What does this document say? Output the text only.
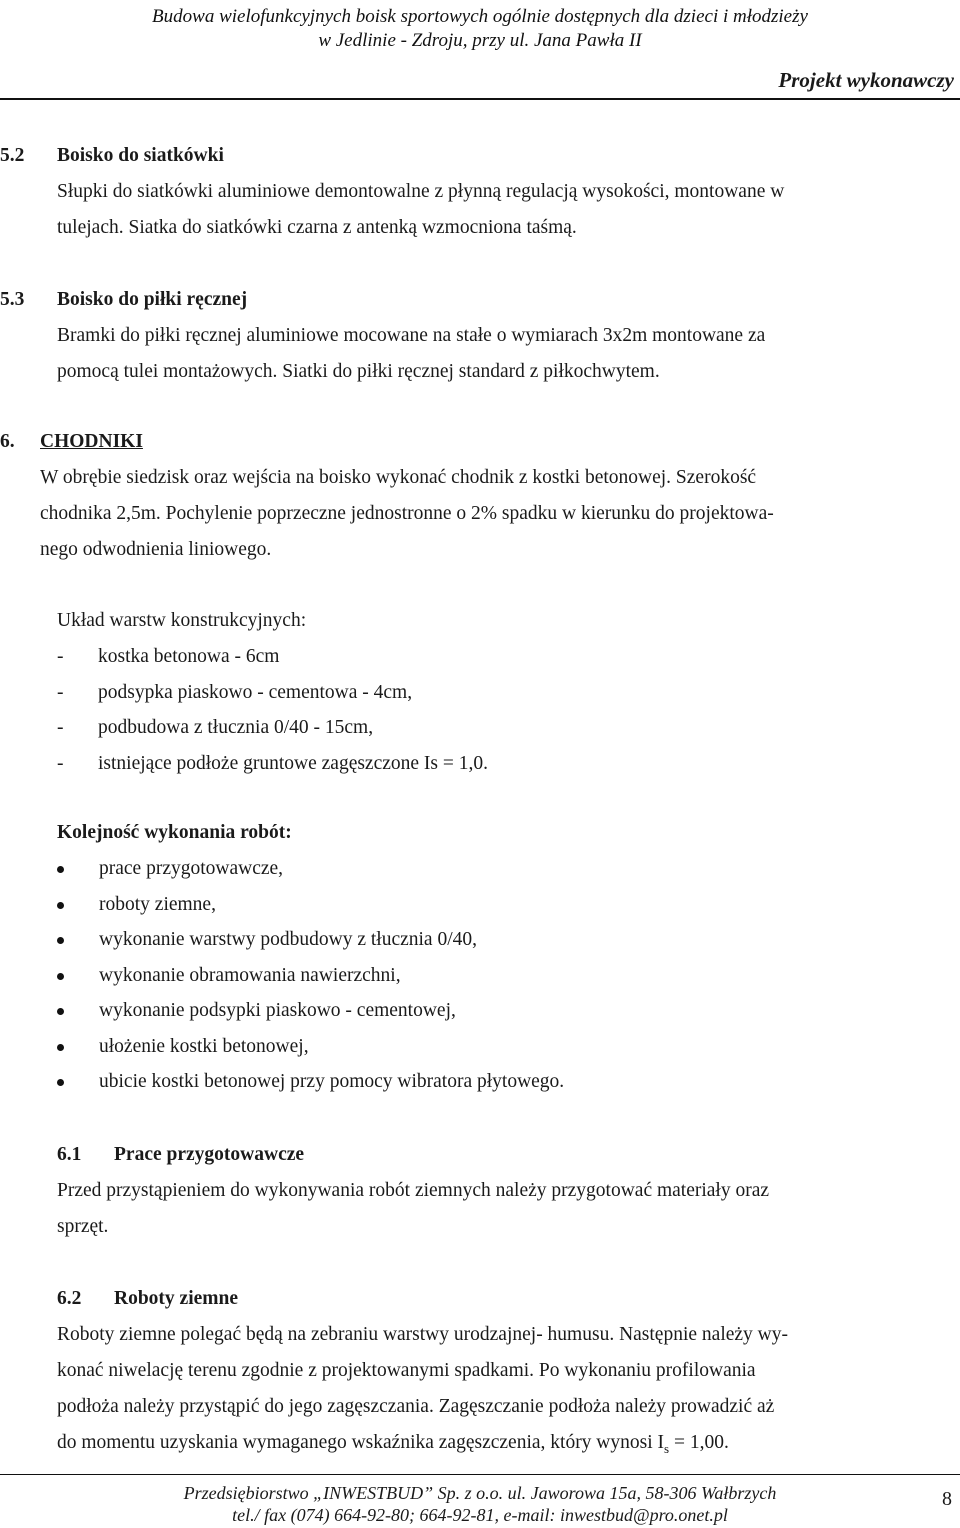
Budowa wielofunkcyjnych boisk sportowych ogólnie dostępnych dla dzieci i młodzieży
w Jedlinie - Zdroju, przy ul. Jana Pawła II
Projekt wykonawczy
5.2 Boisko do siatkówki
Słupki do siatkówki aluminiowe demontowalne z płynną regulacją wysokości, montowane w
tulejach. Siatka do siatkówki czarna z antenką wzmocniona taśmą.
5.3 Boisko do piłki ręcznej
Bramki do piłki ręcznej aluminiowe mocowane na stałe o wymiarach 3x2m montowane za
pomocą tulei montażowych. Siatki do piłki ręcznej standard z piłkochwytem.
6. CHODNIKI
W obrębie siedzisk oraz wejścia na boisko wykonać chodnik z kostki betonowej. Szerokość
chodnika 2,5m. Pochylenie poprzeczne jednostronne o 2% spadku w kierunku do projektowa-
nego odwodnienia liniowego.
Układ warstw konstrukcyjnych:
- kostka betonowa - 6cm
- podsypka piaskowo - cementowa - 4cm,
- podbudowa z tłucznia 0/40 - 15cm,
- istniejące podłoże gruntowe zagęszczone Is = 1,0.
Kolejność wykonania robót:
prace przygotowawcze,
roboty ziemne,
wykonanie warstwy podbudowy z tłucznia 0/40,
wykonanie obramowania nawierzchni,
wykonanie podsypki piaskowo - cementowej,
ułożenie kostki betonowej,
ubicie kostki betonowej przy pomocy wibratora płytowego.
6.1 Prace przygotowawcze
Przed przystąpieniem do wykonywania robót ziemnych należy przygotować materiały oraz
sprzęt.
6.2 Roboty ziemne
Roboty ziemne polegać będą na zebraniu warstwy urodzajnej- humusu. Następnie należy wy-
konać niwelację terenu zgodnie z projektowanymi spadkami. Po wykonaniu profilowania
podłoża należy przystąpić do jego zagęszczania. Zagęszczanie podłoża należy prowadzić aż
do momentu uzyskania wymaganego wskaźnika zagęszczenia, który wynosi $I_s = 1,00$.
Przedsiębiorstwo „INWESTBUD” Sp. z o.o. ul. Jaworowa 15a, 58-306 Wałbrzych
tel./ fax (074) 664-92-80; 664-92-81, e-mail: inwestbud@pro.onet.pl
8
